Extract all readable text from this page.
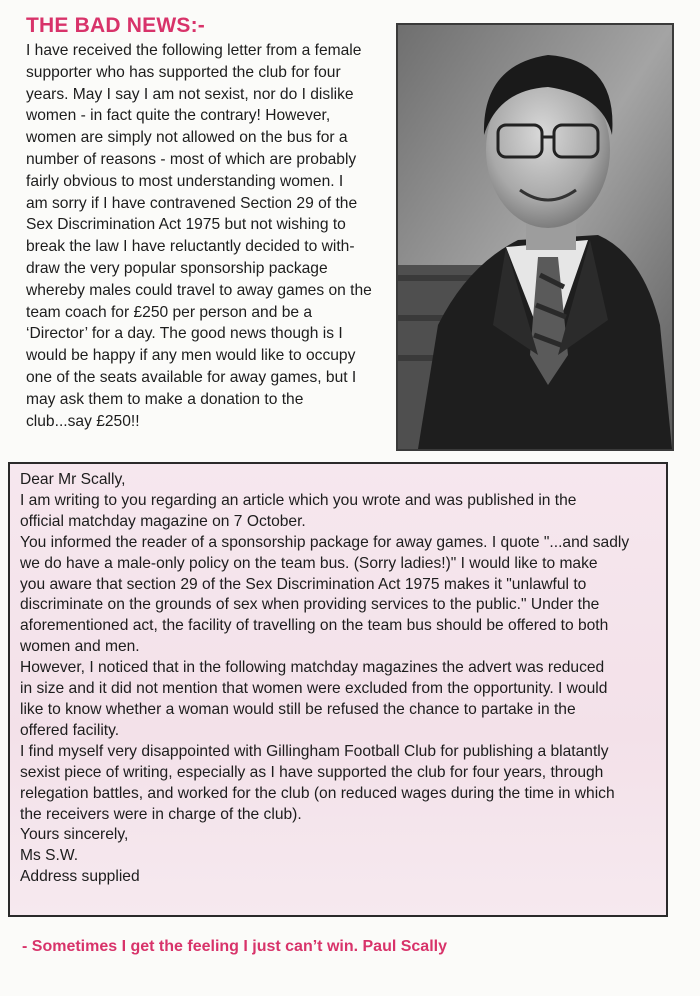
THE BAD NEWS:-
I have received the following letter from a female
supporter who has supported the club for four
years. May I say I am not sexist, nor do I dislike
women - in fact quite the contrary! However,
women are simply not allowed on the bus for a
number of reasons - most of which are probably
fairly obvious to most understanding women. I
am sorry if I have contravened Section 29 of the
Sex Discrimination Act 1975 but not wishing to
break the law I have reluctantly decided to with-
draw the very popular sponsorship package
whereby males could travel to away games on the
team coach for £250 per person and be a
‘Director’ for a day. The good news though is I
would be happy if any men would like to occupy
one of the seats available for away games, but I
may ask them to make a donation to the
club...say £250!!
Dear Mr Scally,
I am writing to you regarding an article which you wrote and was published in the
official matchday magazine on 7 October.
You informed the reader of a sponsorship package for away games. I quote "...and sadly
we do have a male-only policy on the team bus. (Sorry ladies!)" I would like to make
you aware that section 29 of the Sex Discrimination Act 1975 makes it "unlawful to
discriminate on the grounds of sex when providing services to the public." Under the
aforementioned act, the facility of travelling on the team bus should be offered to both
women and men.
However, I noticed that in the following matchday magazines the advert was reduced
in size and it did not mention that women were excluded from the opportunity. I would
like to know whether a woman would still be refused the chance to partake in the
offered facility.
I find myself very disappointed with Gillingham Football Club for publishing a blatantly
sexist piece of writing, especially as I have supported the club for four years, through
relegation battles, and worked for the club (on reduced wages during the time in which
the receivers were in charge of the club).
Yours sincerely,
Ms S.W.
Address supplied

- Sometimes I get the feeling I just can’t win. Paul Scally
